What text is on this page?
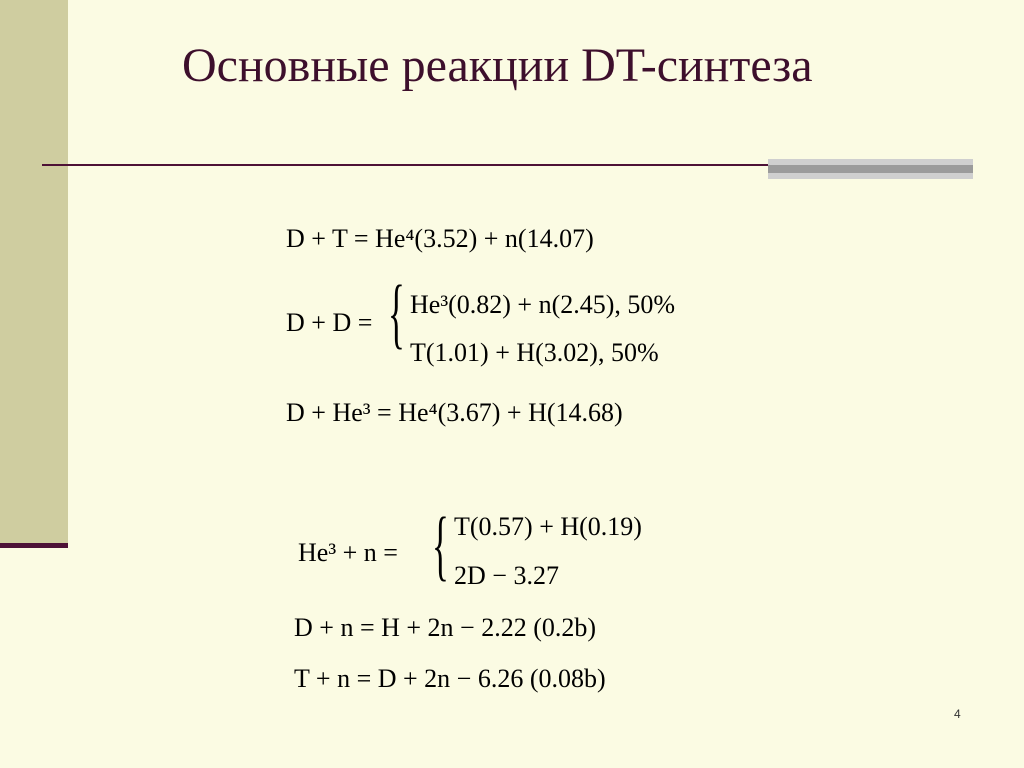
Основные реакции DT-синтеза
D + T = He⁴(3.52) + n(14.07)
D + D = { He³(0.82) + n(2.45), 50%
T(1.01) + H(3.02), 50%
D + He³ = He⁴(3.67) + H(14.68)
He³ + n = { T(0.57) + H(0.19)
2D − 3.27
D + n = H + 2n − 2.22 (0.2b)
T + n = D + 2n − 6.26 (0.08b)
4
